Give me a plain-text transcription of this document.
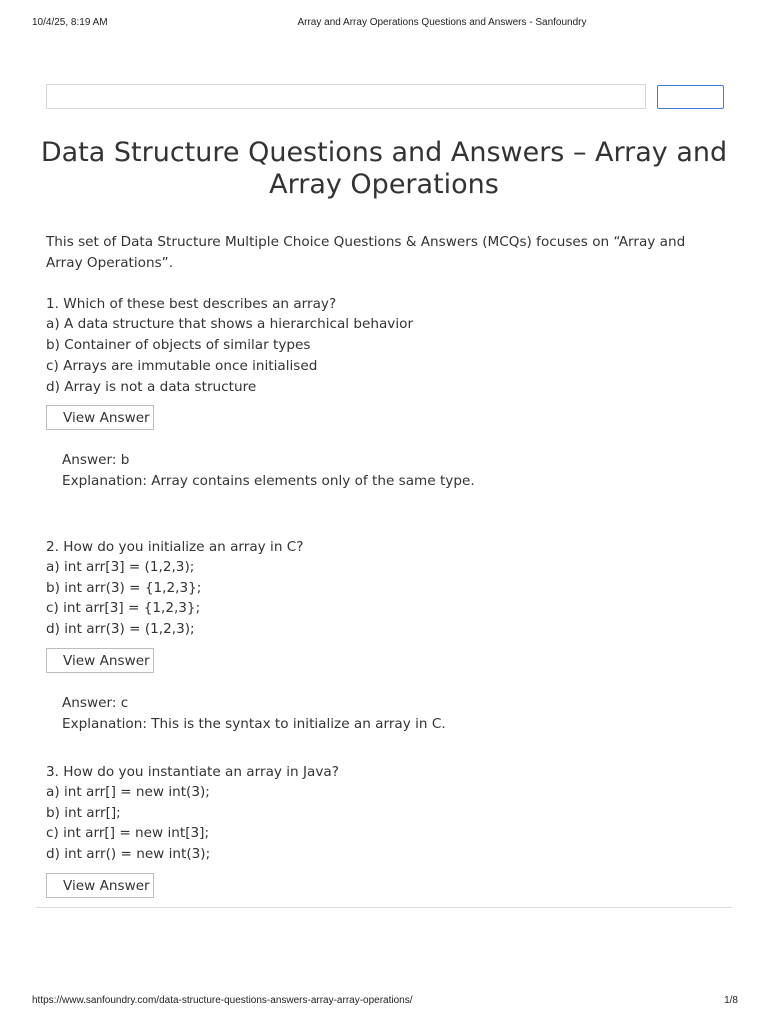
10/4/25, 8:19 AM	Array and Array Operations Questions and Answers - Sanfoundry
Data Structure Questions and Answers – Array and Array Operations

This set of Data Structure Multiple Choice Questions & Answers (MCQs) focuses on “Array and Array Operations”.

1. Which of these best describes an array?

a) A data structure that shows a hierarchical behavior

b) Container of objects of similar types

c) Arrays are immutable once initialised

d) Array is not a data structure

View Answer

Answer: b

Explanation: Array contains elements only of the same type.

2. How do you initialize an array in C?

a) int arr[3] = (1,2,3);

b) int arr(3) = {1,2,3};

c) int arr[3] = {1,2,3};

d) int arr(3) = (1,2,3);

View Answer

Answer: c

Explanation: This is the syntax to initialize an array in C.

3. How do you instantiate an array in Java?

a) int arr[] = new int(3);

b) int arr[];

c) int arr[] = new int[3];

d) int arr() = new int(3);

View Answer
https://www.sanfoundry.com/data-structure-questions-answers-array-array-operations/	1/8
